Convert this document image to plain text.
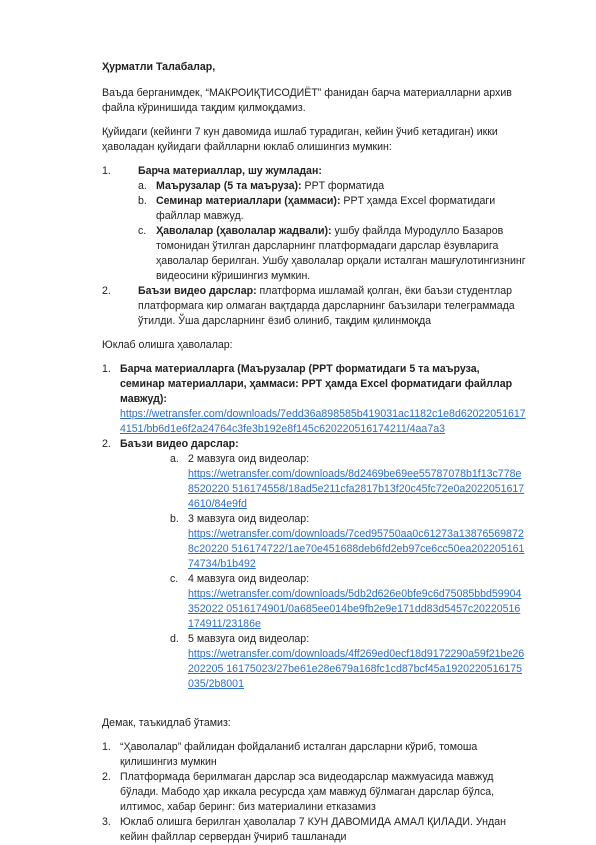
Ҳурматли Талабалар,

Ваъда берганимдек, “МАКРОИҚТИСОДИЁТ” фанидан барча материалларни архив файла кўринишида тақдим қилмоқдамиз.

Қуйидаги (кейинги 7 кун давомида ишлаб турадиган, кейин ўчиб кетадиган) икки ҳаволадан қуйидаги файлларни юклаб олишингиз мумкин:

1.	Барча материаллар, шу жумладан:
a. Маърузалар (5 та маъруза): PPT форматида
b. Семинар материаллари (ҳаммаси): PPT ҳамда Excel форматидаги файллар мавжуд.
c. Ҳаволалар (ҳаволалар жадвали): ушбу файлда Муродулло Базаров томонидан ўтилган дарсларнинг платформадаги дарслар ёзувларига ҳаволалар берилган. Ушбу ҳаволалар орқали исталган машғулотингизнинг видеосини кўришингиз мумкин.
2.	Баъзи видео дарслар: платформа ишламай қолган, ёки баъзи студентлар платформага кир олмаган вақтдарда дарсларнинг баъзилари телеграммада ўтилди. Ўша дарсларнинг ёзиб олиниб, тақдим қилинмоқда

Юклаб олишга ҳаволалар:

1. Барча материалларга (Маърузалар (PPT форматидаги 5 та маъруза, семинар материаллари, ҳаммаси: PPT ҳамда Excel форматидаги файллар мавжуд):
https://wetransfer.com/downloads/7edd36a898585b419031ac1182c1e8d62022051617 4151/bb6d1e6f2a24764c3fe3b192e8f145c620220516174211/4aa7a3
2. Баъзи видео дарслар:
a. 2 мавзуга оид видеолар:
https://wetransfer.com/downloads/8d2469be69ee55787078b1f13c778e8520220 516174558/18ad5e211cfa2817b13f20c45fc72e0a20220516174610/84e9fd
b. 3 мавзуга оид видеолар:
https://wetransfer.com/downloads/7ced95750aa0c61273a138765698728c20220 516174722/1ae70e451688deb6fd2eb97ce6cc50ea20220516174734/b1b492
c. 4 мавзуга оид видеолар:
https://wetransfer.com/downloads/5db2d626e0bfe9c6d75085bbd59904352022 0516174901/0a685ee014be9fb2e9e171dd83d5457c20220516174911/23186e
d. 5 мавзуга оид видеолар:
https://wetransfer.com/downloads/4ff269ed0ecf18d9172290a59f21be26202205 16175023/27be61e28e679a168fc1cd87bcf45a1920220516175035/2b8001

Демак, таъкидлаб ўтамиз:

1. “Ҳаволалар” файлидан фойдаланиб исталган дарсларни кўриб, томоша қилишингиз мумкин
2. Платформада берилмаган дарслар эса видеодарслар мажмуасида мавжуд бўлади. Мабодо ҳар иккала ресурсда ҳам мавжуд бўлмаган дарслар бўлса, илтимос, хабар беринг: биз материалини етказамиз
3. Юклаб олишга берилган ҳаволалар 7 КУН ДАВОМИДА АМАЛ ҚИЛАДИ. Ундан кейин файллар сервердан ўчириб ташланади
